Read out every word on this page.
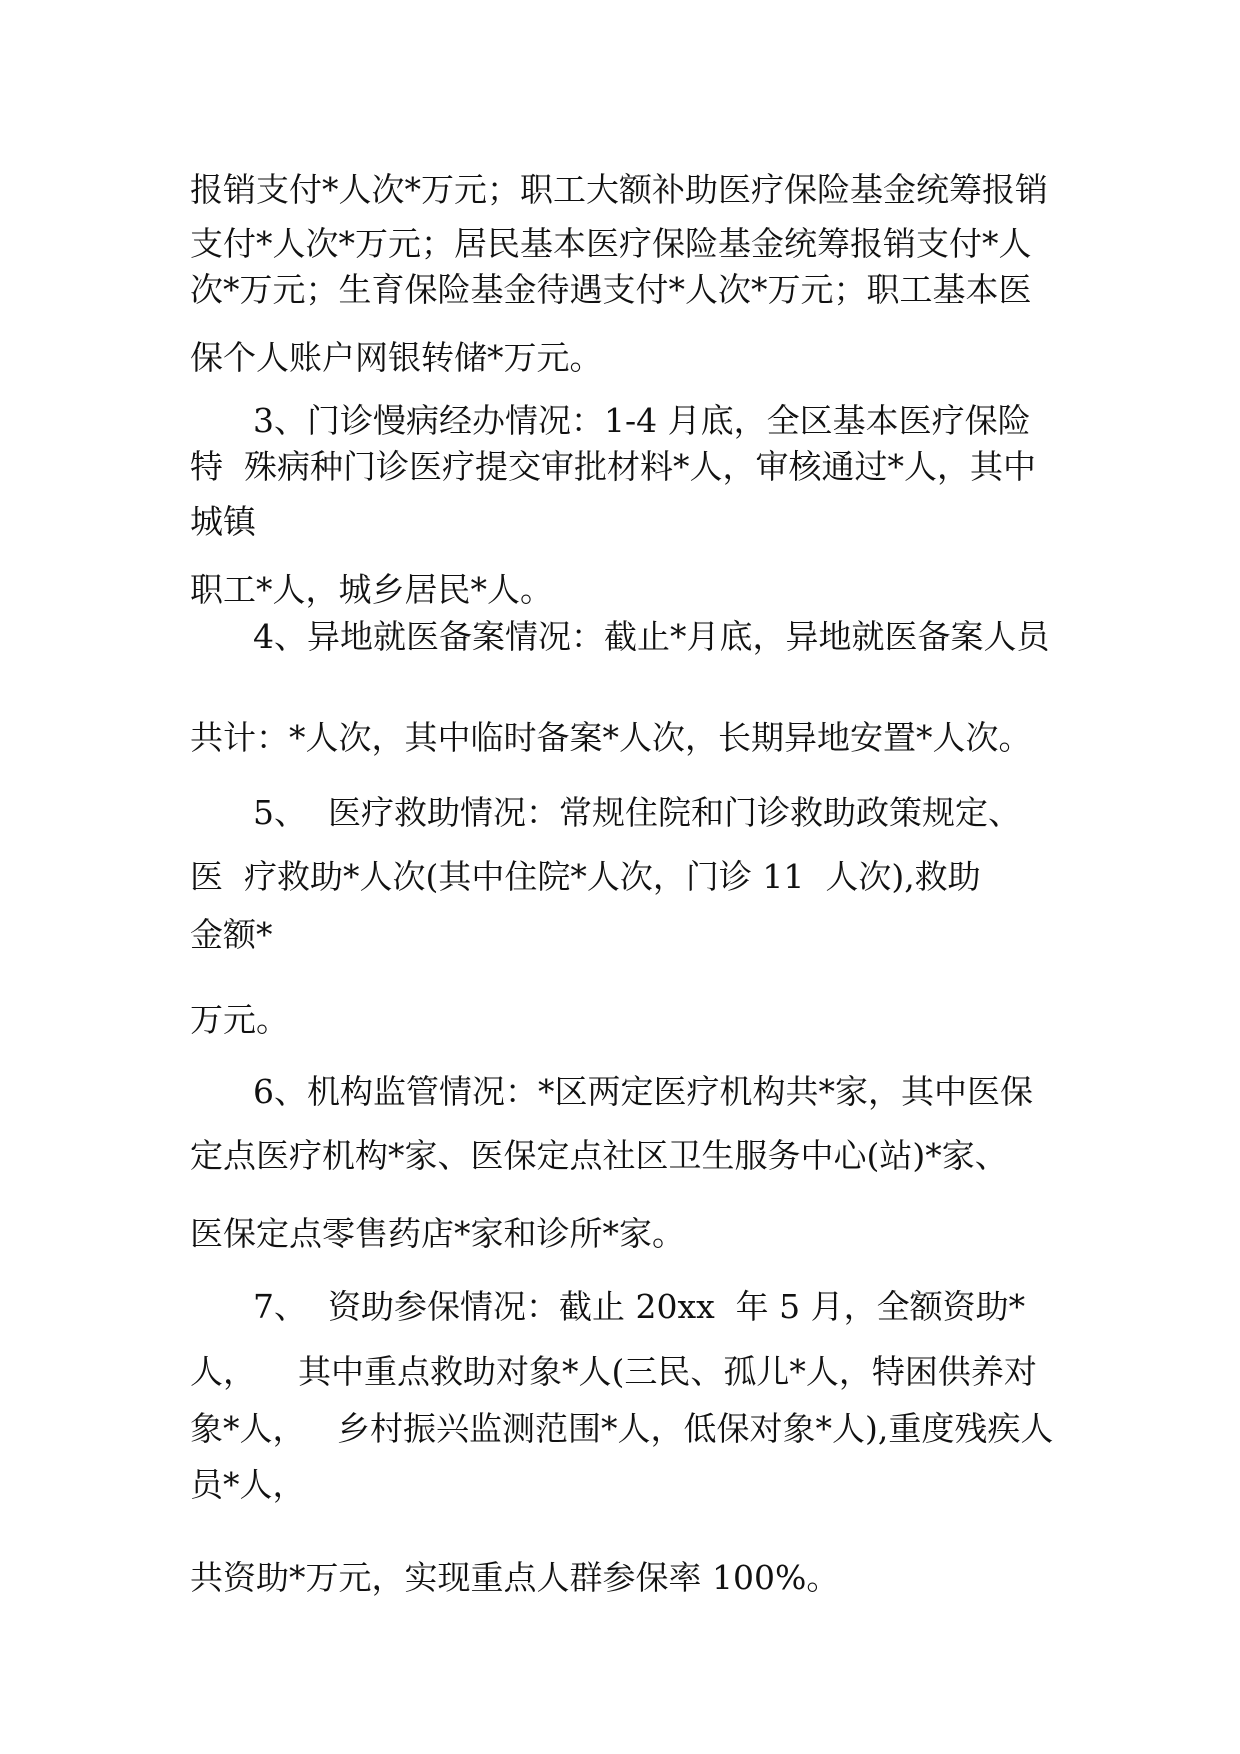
报销支付*人次*万元；职工大额补助医疗保险基金统筹报销
支付*人次*万元；居民基本医疗保险基金统筹报销支付*人
次*万元；生育保险基金待遇支付*人次*万元；职工基本医
保个人账户网银转储*万元。
3、门诊慢病经办情况：1-4 月底，全区基本医疗保险
特  殊病种门诊医疗提交审批材料*人，审核通过*人，其中
城镇
职工*人，城乡居民*人。
4、异地就医备案情况：截止*月底，异地就医备案人员
共计：*人次，其中临时备案*人次，长期异地安置*人次。
5、  医疗救助情况：常规住院和门诊救助政策规定、
医  疗救助*人次(其中住院*人次，门诊 11  人次),救助
金额*
万元。
6、机构监管情况：*区两定医疗机构共*家，其中医保
定点医疗机构*家、医保定点社区卫生服务中心(站)*家、
医保定点零售药店*家和诊所*家。
7、  资助参保情况：截止 20xx  年 5 月，全额资助*
人，    其中重点救助对象*人(三民、孤儿*人，特困供养对
象*人，   乡村振兴监测范围*人，低保对象*人),重度残疾人
员*人，
共资助*万元，实现重点人群参保率 100%。
